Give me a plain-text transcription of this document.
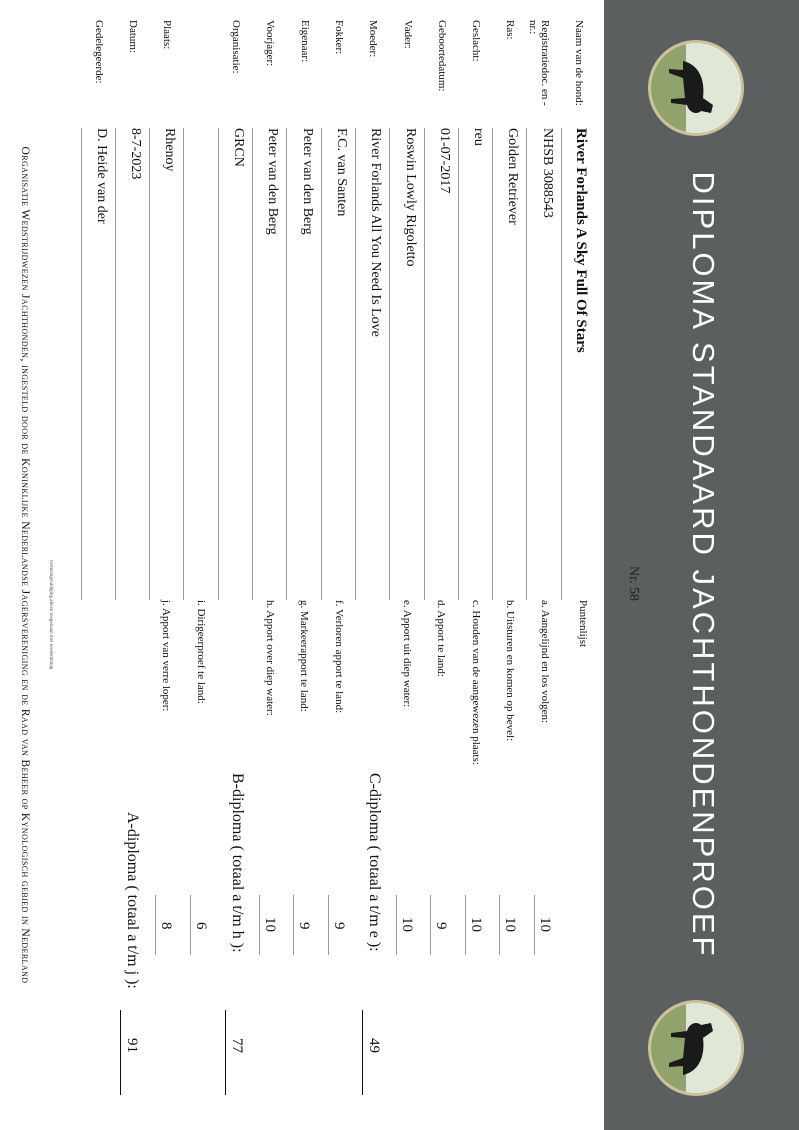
DIPLOMA STANDAARD JACHTHONDENPROEF
Nr. 58
Naam van de hond:
River Forlands A Sky Full Of Stars
Registratiedoc. en -nr.:
NHSB 3088543
Ras:
Golden Retriever
Geslacht:
reu
Geboortedatum:
01-07-2017
Vader:
Roswin Lowly Rigoletto
Moeder:
River Forlands All You Need Is Love
Fokker:
F.C. van Santen
Eigenaar:
Peter van den Berg
Voorjager:
Peter van den Berg
Organisatie:
GRCN
Plaats:
Rhenoy
Datum:
8-7-2023
Gedelegeerde:
D. Heide van der
Puntenlijst
a. Aangelijnd en los volgen:
b. Uitsturen en komen op bevel:
c. Houden van de aangewezen plaats:
d. Apport te land:
e. Apport uit diep water:
f. Verloren apport te land:
g. Markeerapport te land:
h. Apport over diep water:
i. Dirigeerproef te land:
j. Apport van verre loper:
10
10
10
9
10
C-diploma ( totaal a t/m e ):
49
9
9
10
B-diploma ( totaal a t/m h ):
77
6
8
A-diploma ( totaal a t/m j ):
91
vermenigvuldiging alleen toegestaan met toestemming
Organisatie Wedstrijdwezen Jachthonden, ingesteld door de Koninklijke Nederlandse Jagersvereniging en de Raad van Beheer op Kynologisch gebied in Nederland
